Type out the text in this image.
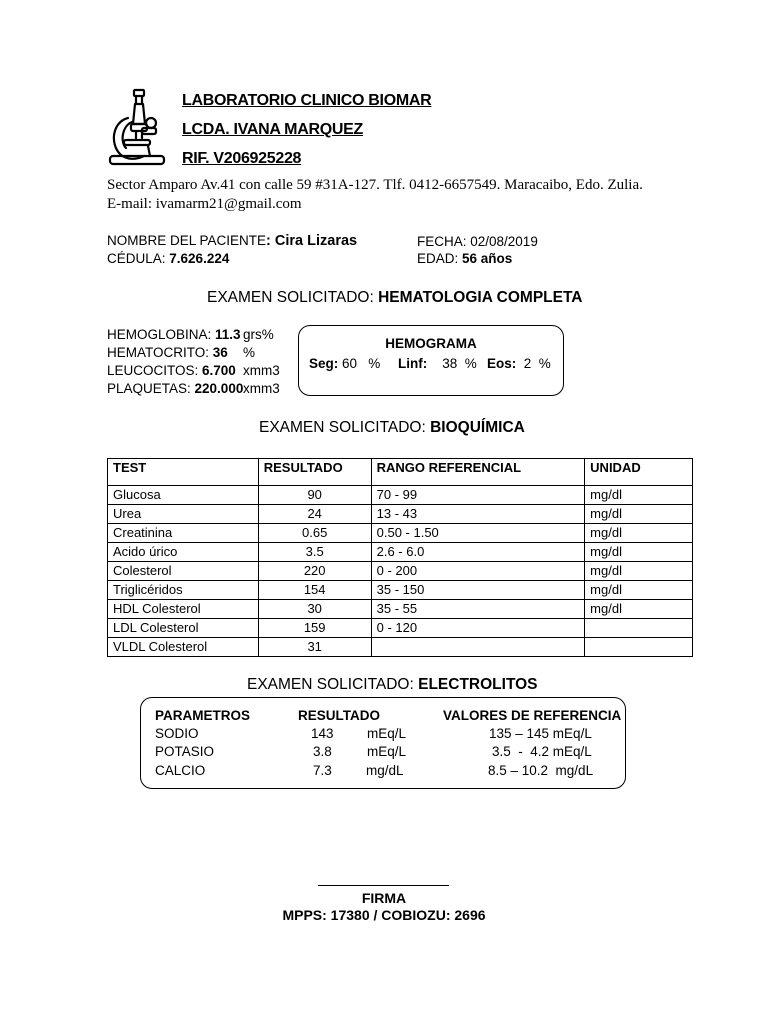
LABORATORIO CLINICO BIOMAR
LCDA. IVANA MARQUEZ
RIF. V206925228
Sector Amparo Av.41 con calle 59 #31A-127. Tlf. 0412-6657549. Maracaibo, Edo. Zulia.
E-mail: ivamarm21@gmail.com
NOMBRE DEL PACIENTE: Cira Lizaras
CÉDULA: 7.626.224
FECHA: 02/08/2019
EDAD: 56 años
EXAMEN SOLICITADO: HEMATOLOGIA COMPLETA
HEMOGLOBINA: 11.3 grs%
HEMATOCRITO: 36 %
LEUCOCITOS: 6.700 xmm3
PLAQUETAS: 220.000 xmm3
HEMOGRAMA
Seg: 60   % Linf: 38  % Eos: 2  %
EXAMEN SOLICITADO: BIOQUÍMICA
TEST	RESULTADO	RANGO REFERENCIAL	UNIDAD
Glucosa	90	70 - 99	mg/dl
Urea	24	13 - 43	mg/dl
Creatinina	0.65	0.50 - 1.50	mg/dl
Acido úrico	3.5	2.6 - 6.0	mg/dl
Colesterol	220	0 - 200	mg/dl
Triglicéridos	154	35 - 150	mg/dl
HDL Colesterol	30	35 - 55	mg/dl
LDL Colesterol	159	0 - 120	
VLDL Colesterol	31		
EXAMEN SOLICITADO: ELECTROLITOS
PARAMETROS	RESULTADO	VALORES DE REFERENCIA
SODIO	143 mEq/L	135 – 145 mEq/L
POTASIO	3.8	mEq/L	3.5  -  4.2 mEq/L
CALCIO	7.3	mg/dL	8.5 – 10.2  mg/dL
FIRMA
MPPS: 17380 / COBIOZU: 2696
